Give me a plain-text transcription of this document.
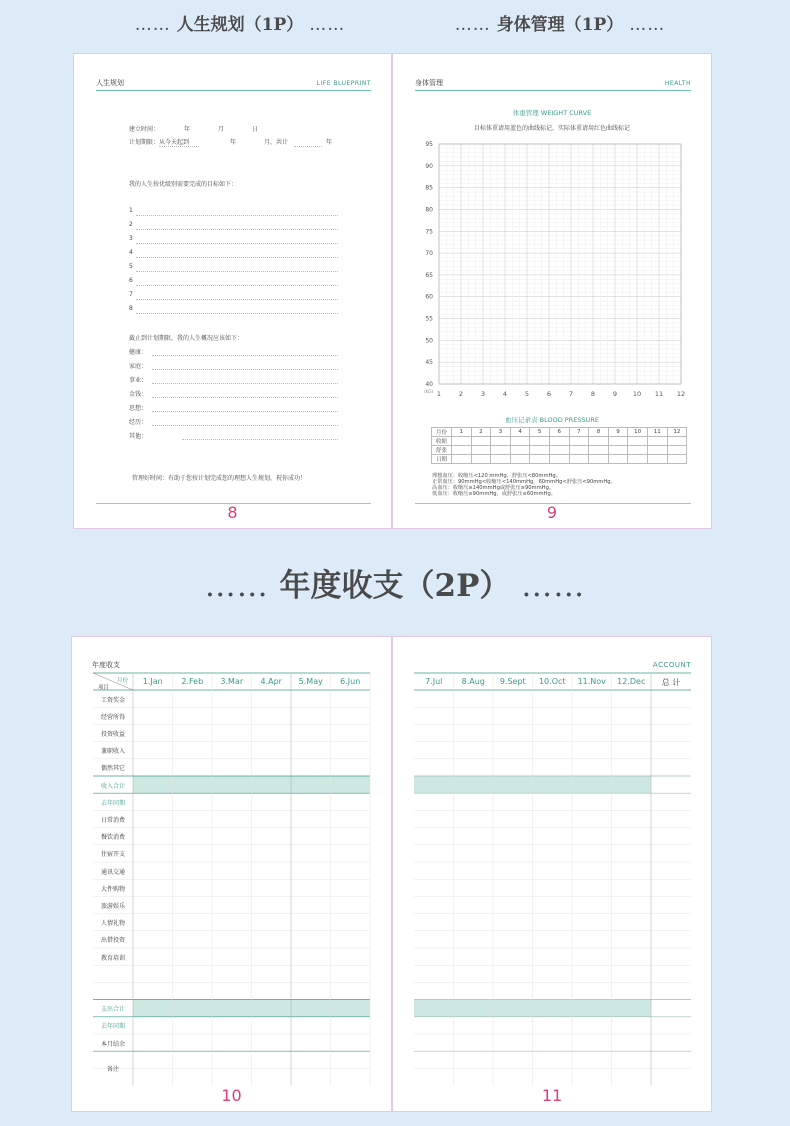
…… 人生规划（1P） ……	…… 身体管理（1P） ……
…… 年度收支（2P） ……
人生规划	LIFE BLUEPRINT
建立时间：	年	月	日
计划期限：从今天起到	年	月，共计	年
我的人生按优级别需要完成的目标如下：
1
2
3
4
5
6
7
8
截止到计划期限，我的人生概况应该如下：
健康：
家庭：
事业：
金钱：
思想：
经历：
其他：
管理好时间：有助于您按计划完成您的理想人生规划，祝你成功！
8
身体管理	HEALTH
体重管理 WEIGHT CURVE
目标体重请用蓝色的曲线标记，实际体重请用红色曲线标记
95
90
85
80
75
70
65
60
55
50
45
40
(KG) 1	2	3	4	5	6	7	8	9 10 11 12
血压记录表 BLOOD PRESSURE
月份	1	2	3	4	5	6	7	8	9	10	11	12
收缩												
舒张												
日期												
理想血压：收缩压<120 mmHg，舒张压<80mmHg。
正常血压：90mmHg<收缩压<140mmHg，60mmHg<舒张压<90mmHg。
高血压：收缩压≥140mmHg或舒张压≥90mmHg。
低血压：收缩压≤90mmHg，或舒张压≤60mmHg。
9
年度收支
月份
项目
1.Jan	2.Feb	3.Mar	4.Apr	5.May	6.Jun
工资奖金
经营所得
投资收益
兼职收入
偶然其它
收入合计
去年同期
日常消费
餐饮消费
住宿开支
通讯交通
大件购物
旅游娱乐
人情礼物
出借投资
教育培训
支出合计
去年同期
本月结余
备注
10
ACCOUNT
7.Jul	8.Aug	9.Sept	10.Oct	11.Nov	12.Dec	总 计
11
